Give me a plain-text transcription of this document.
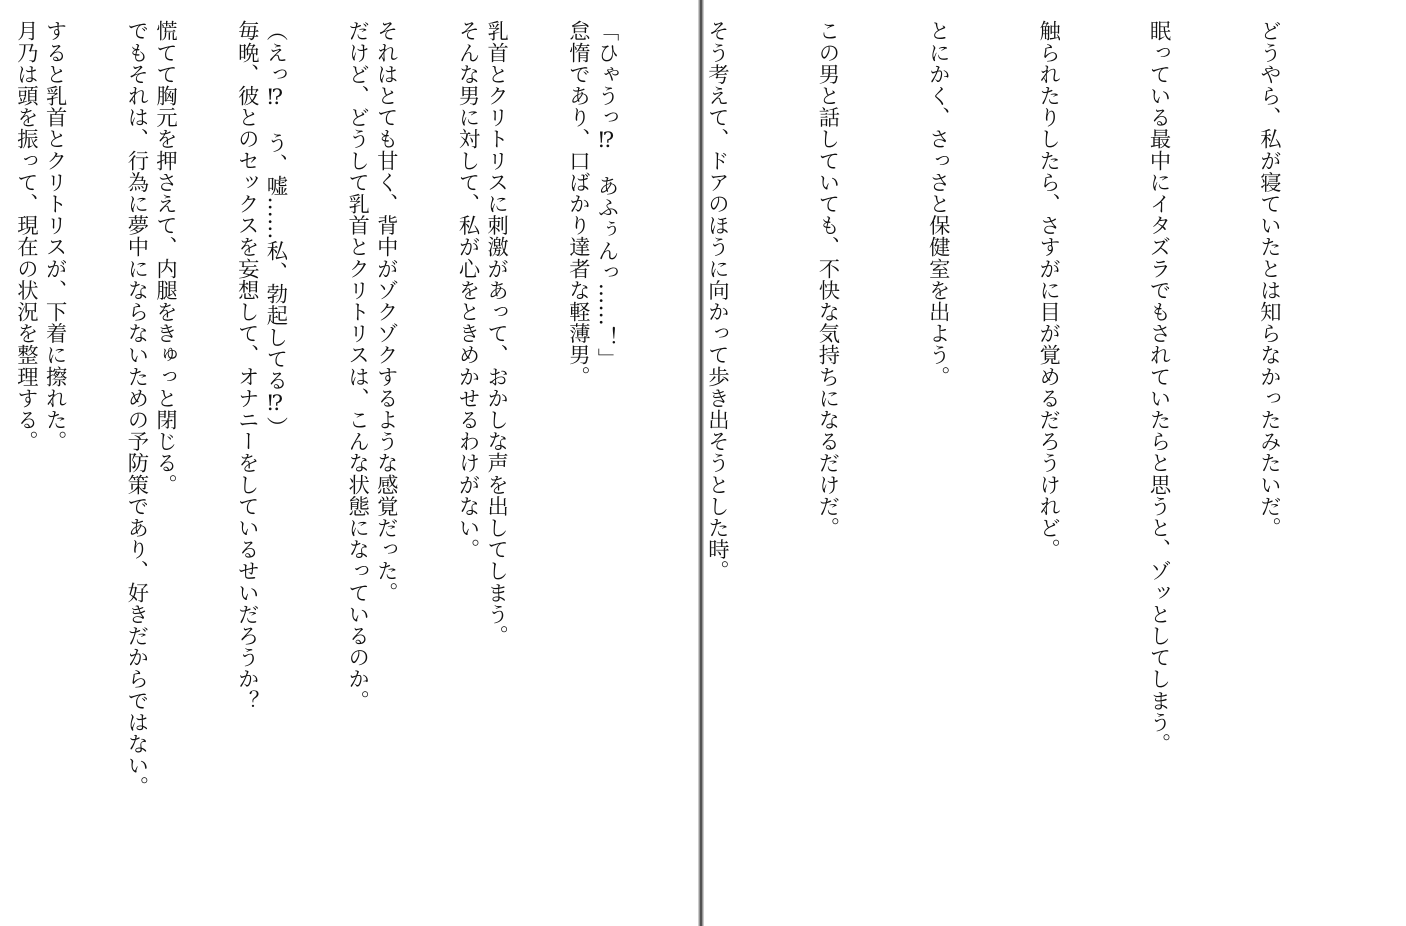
怠惰であり、口ばかり達者な軽薄男。

そんな男に対して、私が心をときめかせるわけがない。

だけど、どうして乳首とクリトリスは、こんな状態になっているのか。

毎晩、彼とのセックスを妄想して、オナニーをしているせいだろうか？

でもそれは、行為に夢中にならないための予防策であり、好きだからではない。

月乃は頭を振って、現在の状況を整理する。

	どうやら、私が寝ていたとは知らなかったみたいだ。

眠っている最中にイタズラでもされていたらと思うと、ゾッとしてしまう。

触られたりしたら、さすがに目が覚めるだろうけれど。

とにかく、さっさと保健室を出よう。

この男と話していても、不快な気持ちになるだけだ。

そう考えて、ドアのほうに向かって歩き出そうとした時。

「ひゃうっ⁉　あふぅんっ……！」

乳首とクリトリスに刺激があって、おかしな声を出してしまう。

それはとても甘く、背中がゾクゾクするような感覚だった。

（えっ⁉　う、嘘……私、勃起してる⁉）

慌てて胸元を押さえて、内腿をきゅっと閉じる。

すると乳首とクリトリスが、下着に擦れた。
